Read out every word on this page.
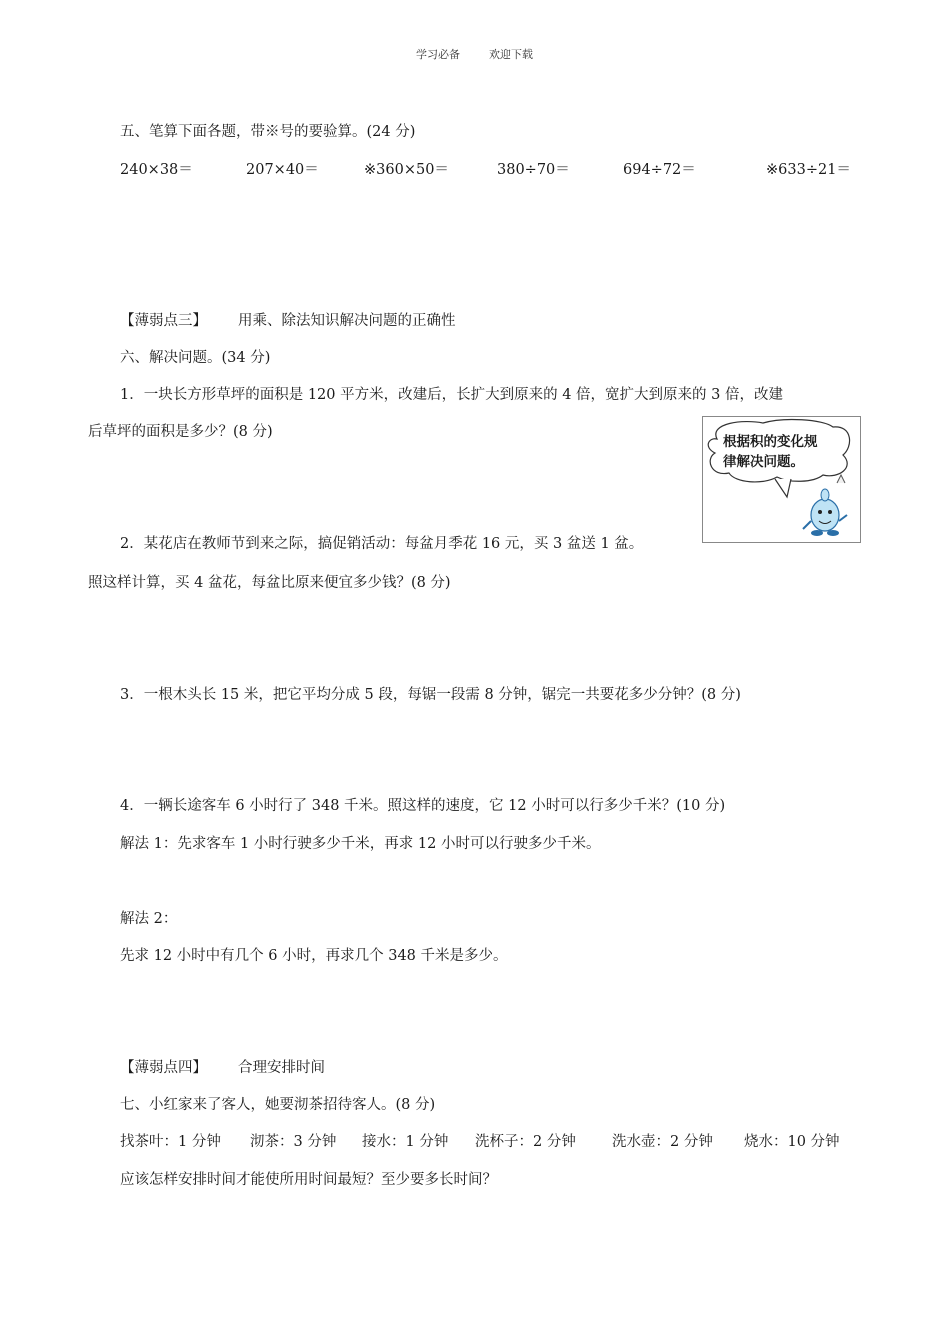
学习必备	欢迎下载
五、笔算下面各题，带※号的要验算。(24 分)
240×38＝	207×40＝	※360×50＝	380÷70＝	694÷72＝	※633÷21＝
【薄弱点三】 用乘、除法知识解决问题的正确性
六、解决问题。(34 分)
1．一块长方形草坪的面积是 120 平方米，改建后，长扩大到原来的 4 倍，宽扩大到原来的 3 倍，改建
后草坪的面积是多少？(8 分)
根据积的变化规
律解决问题。
2．某花店在教师节到来之际，搞促销活动：每盆月季花 16 元，买 3 盆送 1 盆。
照这样计算，买 4 盆花，每盆比原来便宜多少钱？(8 分)
3．一根木头长 15 米，把它平均分成 5 段，每锯一段需 8 分钟，锯完一共要花多少分钟？(8 分)
4．一辆长途客车 6 小时行了 348 千米。照这样的速度，它 12 小时可以行多少千米？(10 分)
解法 1：先求客车 1 小时行驶多少千米，再求 12 小时可以行驶多少千米。
解法 2：
先求 12 小时中有几个 6 小时，再求几个 348 千米是多少。
【薄弱点四】 合理安排时间
七、小红家来了客人，她要沏茶招待客人。(8 分)
找茶叶：1 分钟 沏茶：3 分钟 接水：1 分钟 洗杯子：2 分钟 洗水壶：2 分钟 烧水：10 分钟
应该怎样安排时间才能使所用时间最短？至少要多长时间？
